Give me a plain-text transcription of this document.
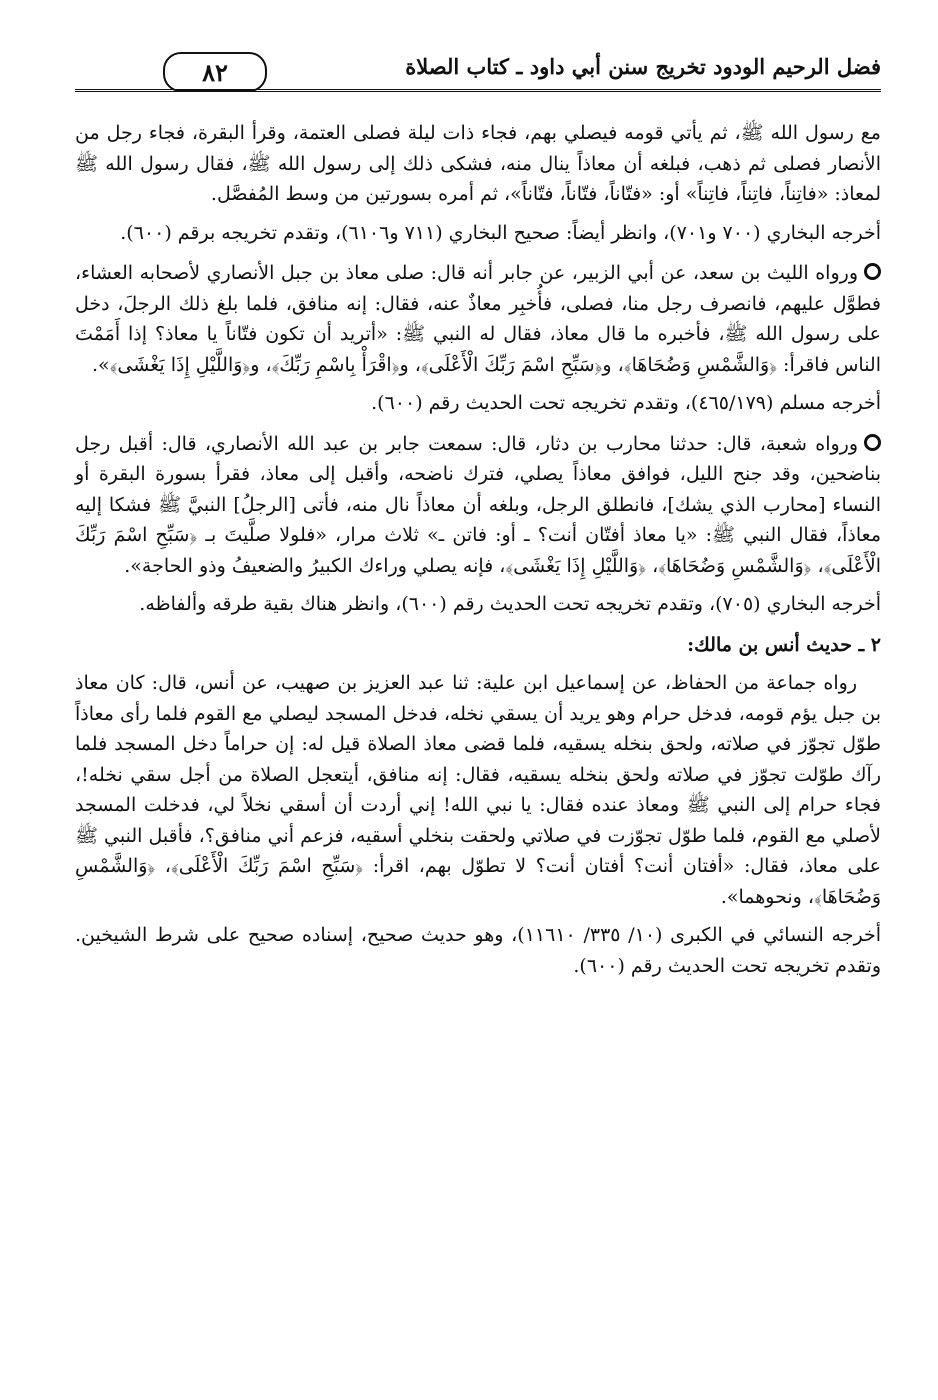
فضل الرحيم الودود تخريج سنن أبي داود ـ كتاب الصلاة
٨٢

مع رسول الله ﷺ، ثم يأتي قومه فيصلي بهم، فجاء ذات ليلة فصلى العتمة، وقرأ البقرة، فجاء رجل من الأنصار فصلى ثم ذهب، فبلغه أن معاذاً ينال منه، فشكى ذلك إلى رسول الله ﷺ، فقال رسول الله ﷺ لمعاذ: «فاتِناً، فاتِناً، فاتِناً» أو: «فتّاناً، فتّاناً، فتّاناً»، ثم أمره بسورتين من وسط المُفصَّل.

أخرجه البخاري (٧٠٠ و٧٠١)، وانظر أيضاً: صحيح البخاري (٧١١ و٦١٠٦)، وتقدم تخريجه برقم (٦٠٠).

ورواه الليث بن سعد، عن أبي الزبير، عن جابر أنه قال: صلى معاذ بن جبل الأنصاري لأصحابه العشاء، فطوَّل عليهم، فانصرف رجل منا، فصلى، فأُخبِر معاذٌ عنه، فقال: إنه منافق، فلما بلغ ذلك الرجلَ، دخل على رسول الله ﷺ، فأخبره ما قال معاذ، فقال له النبي ﷺ: «أتريد أن تكون فتّاناً يا معاذ؟ إذا أَمَمْتَ الناس فاقرأ: ﴿وَالشَّمْسِ وَضُحَاهَا﴾، و﴿سَبِّحِ اسْمَ رَبِّكَ الْأَعْلَى﴾، و﴿اقْرَأْ بِاسْمِ رَبِّكَ﴾، و﴿وَاللَّيْلِ إِذَا يَغْشَى﴾».

أخرجه مسلم (٤٦٥/١٧٩)، وتقدم تخريجه تحت الحديث رقم (٦٠٠).

ورواه شعبة، قال: حدثنا محارب بن دثار، قال: سمعت جابر بن عبد الله الأنصاري، قال: أقبل رجل بناضحين، وقد جنح الليل، فوافق معاذاً يصلي، فترك ناضحه، وأقبل إلى معاذ، فقرأ بسورة البقرة أو النساء [محارب الذي يشك]، فانطلق الرجل، وبلغه أن معاذاً نال منه، فأتى [الرجلُ] النبيَّ ﷺ فشكا إليه معاذاً، فقال النبي ﷺ: «يا معاذ أفتّان أنت؟ ـ أو: فاتن ـ» ثلاث مرار، «فلولا صلَّيتَ بـ ﴿سَبِّحِ اسْمَ رَبِّكَ الْأَعْلَى﴾، ﴿وَالشَّمْسِ وَضُحَاهَا﴾، ﴿وَاللَّيْلِ إِذَا يَغْشَى﴾، فإنه يصلي وراءك الكبيرُ والضعيفُ وذو الحاجة».

أخرجه البخاري (٧٠٥)، وتقدم تخريجه تحت الحديث رقم (٦٠٠)، وانظر هناك بقية طرقه وألفاظه.

٢ ـ حديث أنس بن مالك:

رواه جماعة من الحفاظ، عن إسماعيل ابن علية: ثنا عبد العزيز بن صهيب، عن أنس، قال: كان معاذ بن جبل يؤم قومه، فدخل حرام وهو يريد أن يسقي نخله، فدخل المسجد ليصلي مع القوم فلما رأى معاذاً طوّل تجوّز في صلاته، ولحق بنخله يسقيه، فلما قضى معاذ الصلاة قيل له: إن حراماً دخل المسجد فلما رآك طوّلت تجوّز في صلاته ولحق بنخله يسقيه، فقال: إنه منافق، أيتعجل الصلاة من أجل سقي نخله!، فجاء حرام إلى النبي ﷺ ومعاذ عنده فقال: يا نبي الله! إني أردت أن أسقي نخلاً لي، فدخلت المسجد لأصلي مع القوم، فلما طوّل تجوّزت في صلاتي ولحقت بنخلي أسقيه، فزعم أني منافق؟، فأقبل النبي ﷺ على معاذ، فقال: «أفتان أنت؟ أفتان أنت؟ لا تطوّل بهم، اقرأ: ﴿سَبِّحِ اسْمَ رَبِّكَ الْأَعْلَى﴾، ﴿وَالشَّمْسِ وَضُحَاهَا﴾، ونحوهما».

أخرجه النسائي في الكبرى (١٠/ ٣٣٥/ ١١٦١٠)، وهو حديث صحيح، إسناده صحيح على شرط الشيخين. وتقدم تخريجه تحت الحديث رقم (٦٠٠).
